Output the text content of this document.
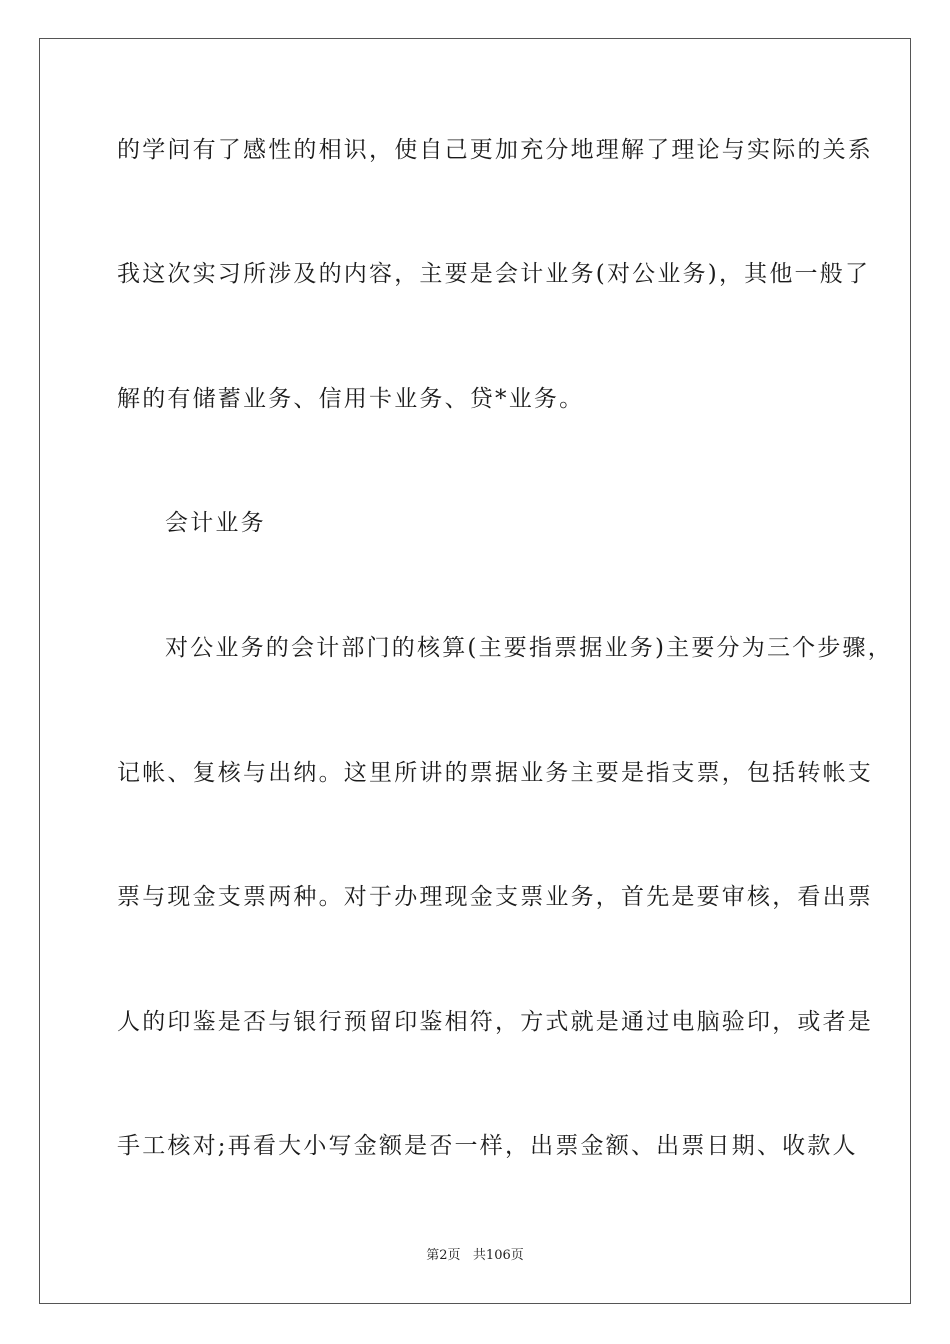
的学问有了感性的相识，使自己更加充分地理解了理论与实际的关系
我这次实习所涉及的内容，主要是会计业务(对公业务)，其他一般了
解的有储蓄业务、信用卡业务、贷*业务。
会计业务
对公业务的会计部门的核算(主要指票据业务)主要分为三个步骤，
记帐、复核与出纳。这里所讲的票据业务主要是指支票，包括转帐支
票与现金支票两种。对于办理现金支票业务，首先是要审核，看出票
人的印鉴是否与银行预留印鉴相符，方式就是通过电脑验印，或者是
手工核对;再看大小写金额是否一样，出票金额、出票日期、收款人
第2页   共106页
